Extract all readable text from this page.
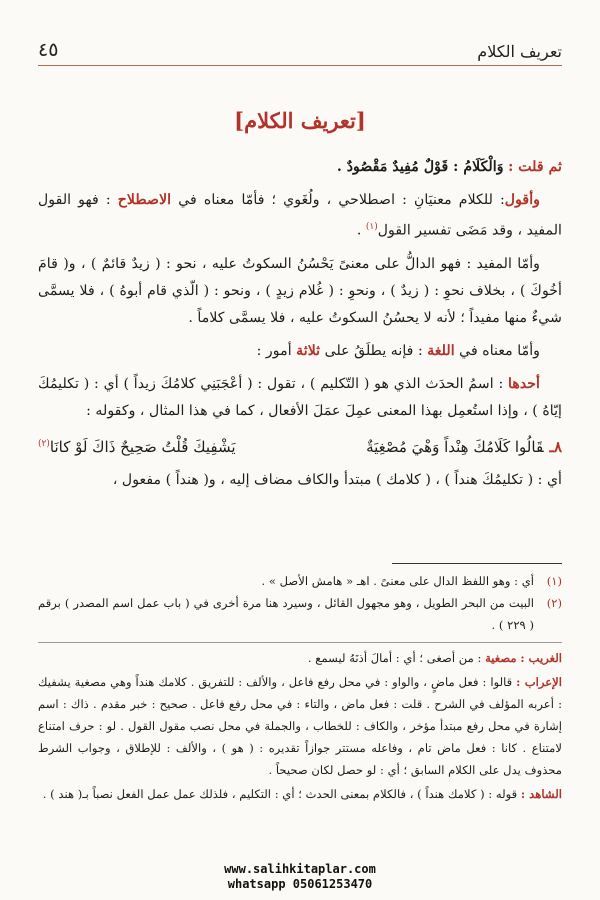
تعريف الكلام
٤٥
[تعريف الكلام]

ثم قلت : وَالْكَلَامُ : قَوْلٌ مُفِيدٌ مَقْصُودٌ .

وأقول: للكلام معنيَانِ : اصطلاحي ، ولُغَوي ؛ فأمّا معناه في الاصطلاح : فهو القول المفيد ، وقد مَضَى تفسير القول$^{(١)}$ .

وأمّا المفيد : فهو الدالُّ على معنىً يَحْسُنُ السكوتُ عليه ، نحو : ( زيدٌ قائمٌ ) ، و( قامَ أخُوكَ ) ، بخلاف نحوِ : ( زيدٌ ) ، ونحوِ : ( غُلام زيدٍ ) ، ونحو : ( الّذي قام أبوهُ ) ، فلا يسمَّى شيءٌ منها مفيداً ؛ لأنه لا يحسُنُ السكوتُ عليه ، فلا يسمَّى كلاماً .

وأمّا معناه في اللغة : فإنه يطلَقُ على ثلاثة أمور :

أحدها : اسمُ الحدَث الذي هو ( التّكليم ) ، تقول : ( أعْجَبَنِي كلامُكَ زيداً ) أي : ( تكليمُكَ إيّاهُ ) ، وإذا استُعمِل بهذا المعنى عمِلَ عمَلَ الأفعال ، كما في هذا المثال ، وكقوله :

٨ـقَالُوا كَلَامُكَ هِنْداً وَهْيَ مُصْغِيَةٌ
يَشْفِيكَ قُلْتُ صَحِيحٌ ذَاكَ لَوْ كانَا$^{(٢)}$

أي : ( تكليمُكَ هنداً ) ، ( كلامك ) مبتدأ والكاف مضاف إليه ، و( هنداً ) مفعول ،

(١)
أي : وهو اللفظ الدال على معنىً . اهـ « هامش الأصل » .
(٢)
البيت من البحر الطويل ، وهو مجهول القائل ، وسيرد هنا مرة أخرى في ( باب عمل اسم المصدر ) برقم ( ٢٢٩ ) .

الغريب : مصغية : من أصغى ؛ أي : أمالَ أذنَهُ ليسمع .

الإعراب : قالوا : فعل ماضٍ ، والواو : في محل رفع فاعل ، والألف : للتفريق . كلامك هنداً وهي مصغية يشفيك : أعربه المؤلف في الشرح . قلت : فعل ماض ، والتاء : في محل رفع فاعل . صحيح : خبر مقدم . ذاك : اسم إشارة في محل رفع مبتدأ مؤخر ، والكاف : للخطاب ، والجملة في محل نصب مقول القول . لو : حرف امتناع لامتناع . كانا : فعل ماض تام ، وفاعله مستتر جوازاً تقديره : ( هو ) ، والألف : للإطلاق ، وجواب الشرط محذوف يدل على الكلام السابق ؛ أي : لو حصل لكان صحيحاً .

الشاهد : قوله : ( كلامك هنداً ) ، فالكلام بمعنى الحدث ؛ أي : التكليم ، فلذلك عمل عمل الفعل نصباً بـ( هند ) .

www.salihkitaplar.com
whatsapp 05061253470
